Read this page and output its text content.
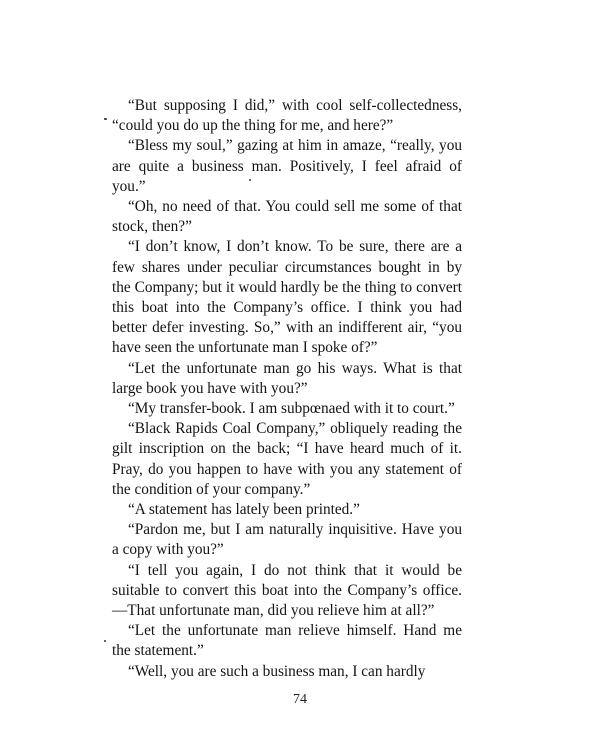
“But supposing I did,” with cool self-collectedness, “could you do up the thing for me, and here?”

“Bless my soul,” gazing at him in amaze, “really, you are quite a business man. Positively, I feel afraid of you.”

“Oh, no need of that. You could sell me some of that stock, then?”

“I don’t know, I don’t know. To be sure, there are a few shares under peculiar circumstances bought in by the Company; but it would hardly be the thing to convert this boat into the Company’s office. I think you had better defer investing. So,” with an indifferent air, “you have seen the unfortunate man I spoke of?”

“Let the unfortunate man go his ways. What is that large book you have with you?”

“My transfer-book. I am subpœnaed with it to court.”

“Black Rapids Coal Company,” obliquely reading the gilt inscription on the back; “I have heard much of it. Pray, do you happen to have with you any statement of the condition of your company.”

“A statement has lately been printed.”

“Pardon me, but I am naturally inquisitive. Have you a copy with you?”

“I tell you again, I do not think that it would be suitable to convert this boat into the Company’s office. —That unfortunate man, did you relieve him at all?”

“Let the unfortunate man relieve himself. Hand me the statement.”

“Well, you are such a business man, I can hardly

74
